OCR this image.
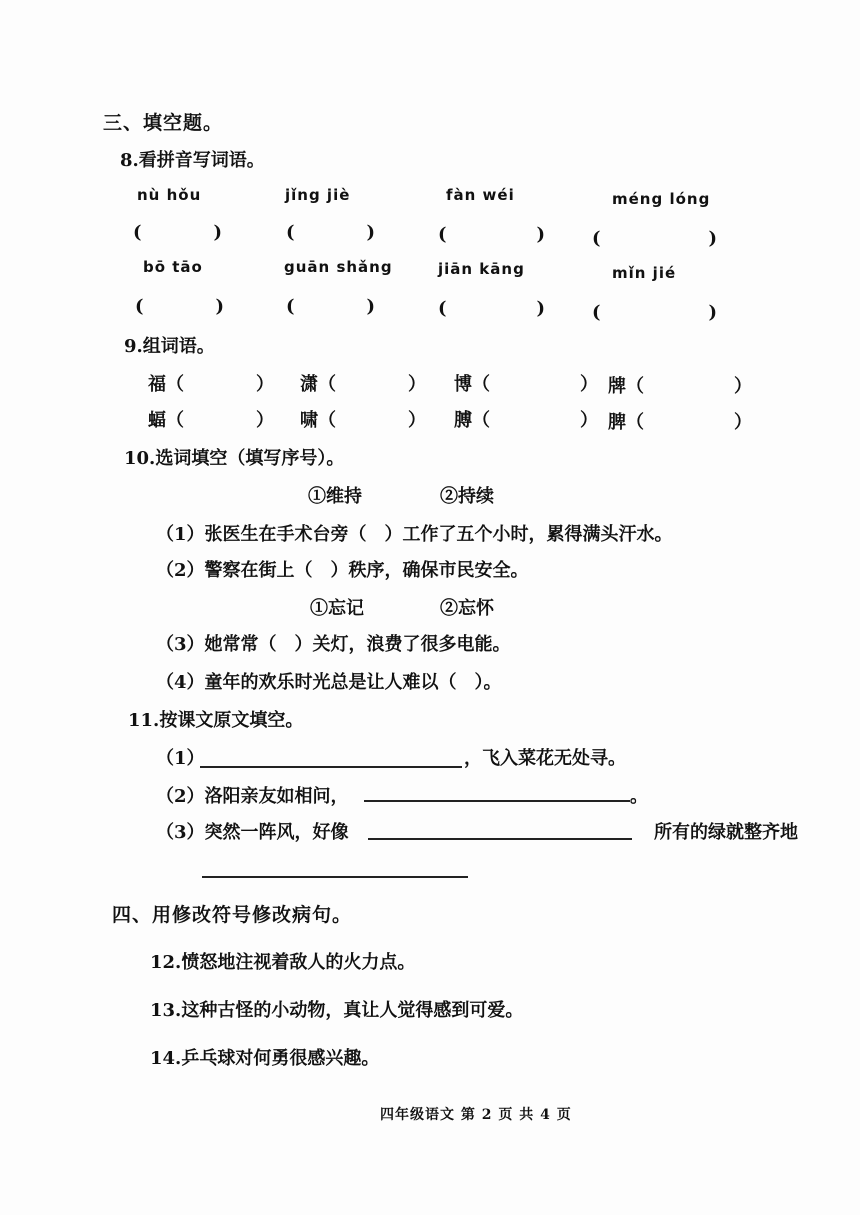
三、填空题。
8.看拼音写词语。
nù hǒu	jǐng jiè	fàn wéi	méng lóng
(　　　　)	(　　　　)	(　　　　　)	(　　　　　　)
bō tāo	guān shǎng	jiān kāng	mǐn jié
(　　　　)	(　　　　)	(　　　　　)	(　　　　　　)
9.组词语。
福（　　　　） 潇（　　　　） 博（　　　　　） 牌（　　　　　）
蝠（　　　　） 啸（　　　　） 膊（　　　　　） 脾（　　　　　）
10.选词填空（填写序号）。
①维持	②持续
（1）张医生在手术台旁（　）工作了五个小时，累得满头汗水。
（2）警察在街上（　）秩序，确保市民安全。
①忘记	②忘怀
（3）她常常（　）关灯，浪费了很多电能。
（4）童年的欢乐时光总是让人难以（　）。
11.按课文原文填空。
（1）	，飞入菜花无处寻。
（2）洛阳亲友如相问，	。
（3）突然一阵风，好像	所有的绿就整齐地
四、用修改符号修改病句。
12.愤怒地注视着敌人的火力点。
13.这种古怪的小动物，真让人觉得感到可爱。
14.乒乓球对何勇很感兴趣。
四年级语文 第 2 页 共 4 页
